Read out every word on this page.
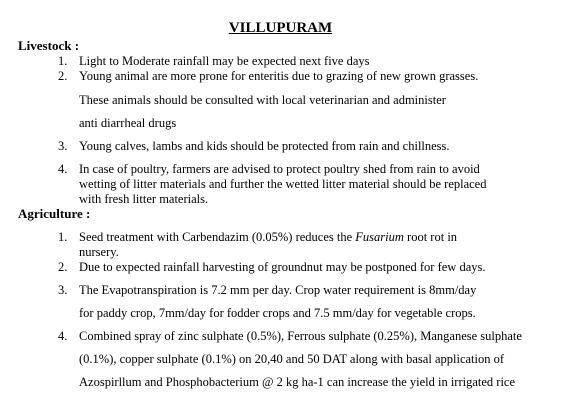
VILLUPURAM
Livestock :
1. Light to Moderate rainfall may be expected next five days
2. Young animal are more prone for enteritis due to grazing of new grown grasses.
These animals should be consulted with local veterinarian and administer
anti diarrheal drugs
3. Young calves, lambs and kids should be protected from rain and chillness.
4. In case of poultry, farmers are advised to protect poultry shed from rain to avoid
wetting of litter materials and further the wetted litter material should be replaced
with fresh litter materials.
Agriculture :
1. Seed treatment with Carbendazim (0.05%) reduces the Fusarium root rot in
nursery.
2. Due to expected rainfall harvesting of groundnut may be postponed for few days.
3. The Evapotranspiration is 7.2 mm per day. Crop water requirement is 8mm/day
for paddy crop, 7mm/day for fodder crops and 7.5 mm/day for vegetable crops.
4. Combined spray of zinc sulphate (0.5%), Ferrous sulphate (0.25%), Manganese sulphate
(0.1%), copper sulphate (0.1%) on 20,40 and 50 DAT along with basal application of
Azospirllum and Phosphobacterium @ 2 kg ha-1 can increase the yield in irrigated rice
